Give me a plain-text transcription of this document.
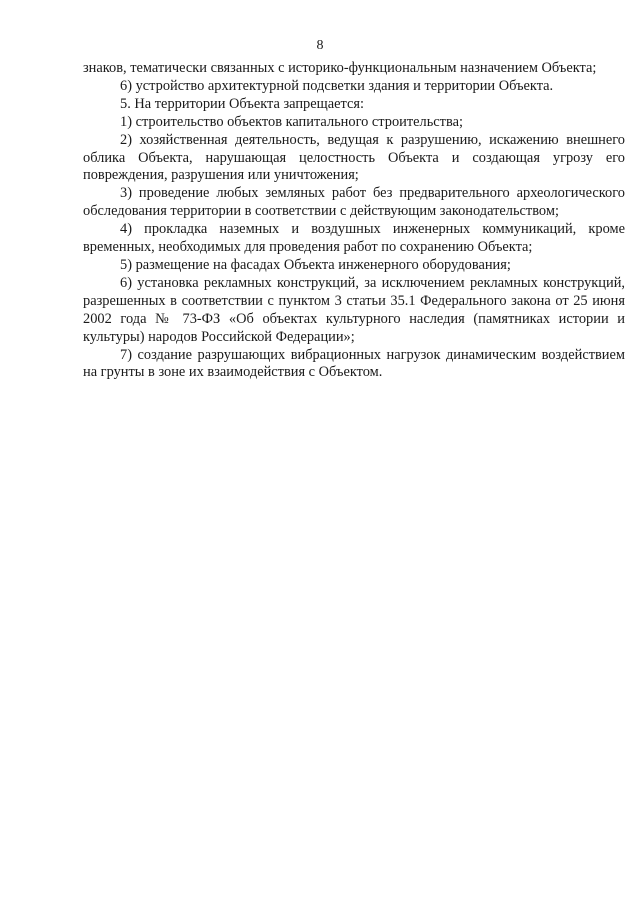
8

знаков, тематически связанных с историко-функциональным назначением Объекта;

6) устройство архитектурной подсветки здания и территории Объекта.

5. На территории Объекта запрещается:

1) строительство объектов капитального строительства;

2) хозяйственная деятельность, ведущая к разрушению, искажению внешнего облика Объекта, нарушающая целостность Объекта и создающая угрозу его повреждения, разрушения или уничтожения;

3) проведение любых земляных работ без предварительного археологического обследования территории в соответствии с действующим законодательством;

4) прокладка наземных и воздушных инженерных коммуникаций, кроме временных, необходимых для проведения работ по сохранению Объекта;

5) размещение на фасадах Объекта инженерного оборудования;

6) установка рекламных конструкций, за исключением рекламных конструкций, разрешенных в соответствии с пунктом 3 статьи 35.1 Федерального закона от 25 июня 2002 года № 73-ФЗ «Об объектах культурного наследия (памятниках истории и культуры) народов Российской Федерации»;

7) создание разрушающих вибрационных нагрузок динамическим воздействием на грунты в зоне их взаимодействия с Объектом.
